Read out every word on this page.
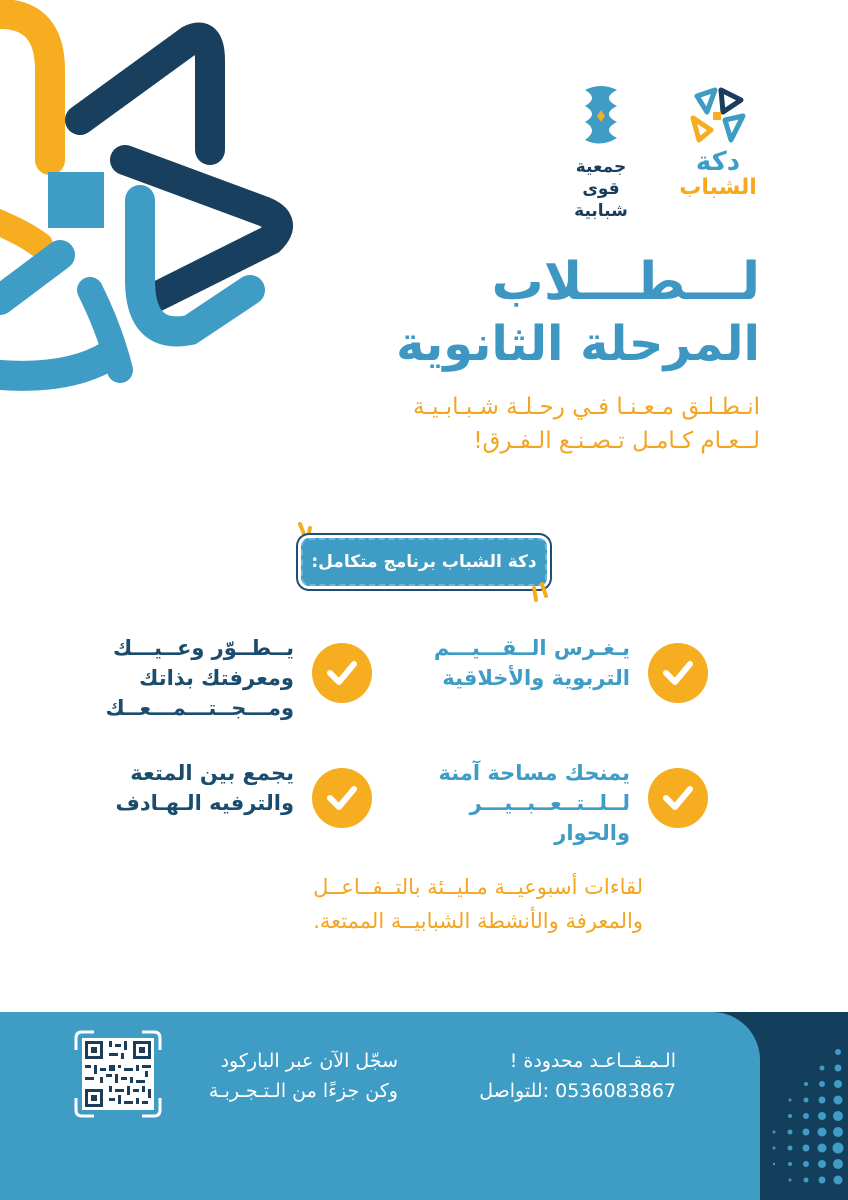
دكة
الشباب
جمعية
قوى شبابية
لـــطـــلاب
المرحلة الثانوية
انـطـلـق مـعـنـا فـي رحـلـة شـبـابـيـة
لــعـام كـامـل تـصـنـع الـفـرق!
دكة الشباب برنامج متكامل:
يـغـرس الــقـــيـــم
التربوية والأخلاقية
يــطــوّر وعــيـــك
ومعرفتك بذاتك
ومـــجــتـــمـــعــك
يمنحك مساحة آمنة
لــلــتــعــبــيـــر والحوار
يجمع بين المتعة
والترفيه الـهـادف
لقاءات أسبوعيــة مـليــئة بالتــفــاعــل
والمعرفة والأنشطة الشبابيــة الممتعة.
سجّل الآن عبر الباركود
وكن جزءًا من الـتـجـربـة
الـمـقــاعـد محدودة !
للتواصل: 0536083867
